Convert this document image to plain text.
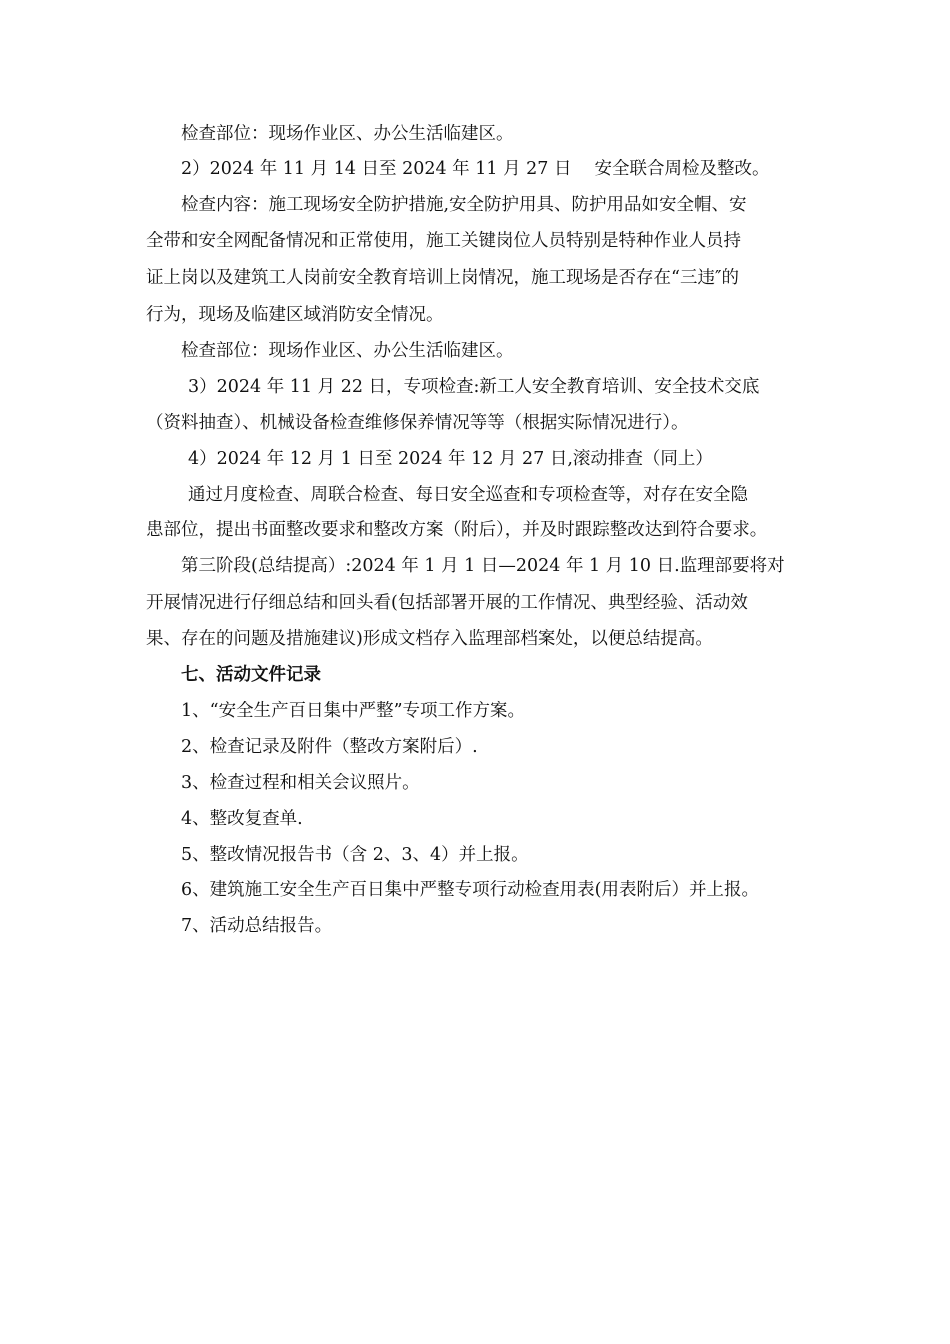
检查部位：现场作业区、办公生活临建区。
2）2024 年 11 月 14 日至 2024 年 11 月 27 日　 安全联合周检及整改。
检查内容：施工现场安全防护措施,安全防护用具、防护用品如安全帽、安
全带和安全网配备情况和正常使用，施工关键岗位人员特别是特种作业人员持
证上岗以及建筑工人岗前安全教育培训上岗情况，施工现场是否存在“三违″的
行为，现场及临建区域消防安全情况。
检查部位：现场作业区、办公生活临建区。
3）2024 年 11 月 22 日，专项检查:新工人安全教育培训、安全技术交底
（资料抽查）、机械设备检查维修保养情况等等（根据实际情况进行）。
4）2024 年 12 月 1 日至 2024 年 12 月 27 日,滚动排查（同上）
通过月度检查、周联合检查、每日安全巡查和专项检查等，对存在安全隐
患部位，提出书面整改要求和整改方案（附后），并及时跟踪整改达到符合要求。
第三阶段(总结提高）:2024 年 1 月 1 日—2024 年 1 月 10 日.监理部要将对
开展情况进行仔细总结和回头看(包括部署开展的工作情况、典型经验、活动效
果、存在的问题及措施建议)形成文档存入监理部档案处，以便总结提高。
七、活动文件记录
1、“安全生产百日集中严整”专项工作方案。
2、检查记录及附件（整改方案附后）.
3、检查过程和相关会议照片。
4、整改复查单.
5、整改情况报告书（含 2、3、4）并上报。
6、建筑施工安全生产百日集中严整专项行动检查用表(用表附后）并上报。
7、活动总结报告。
